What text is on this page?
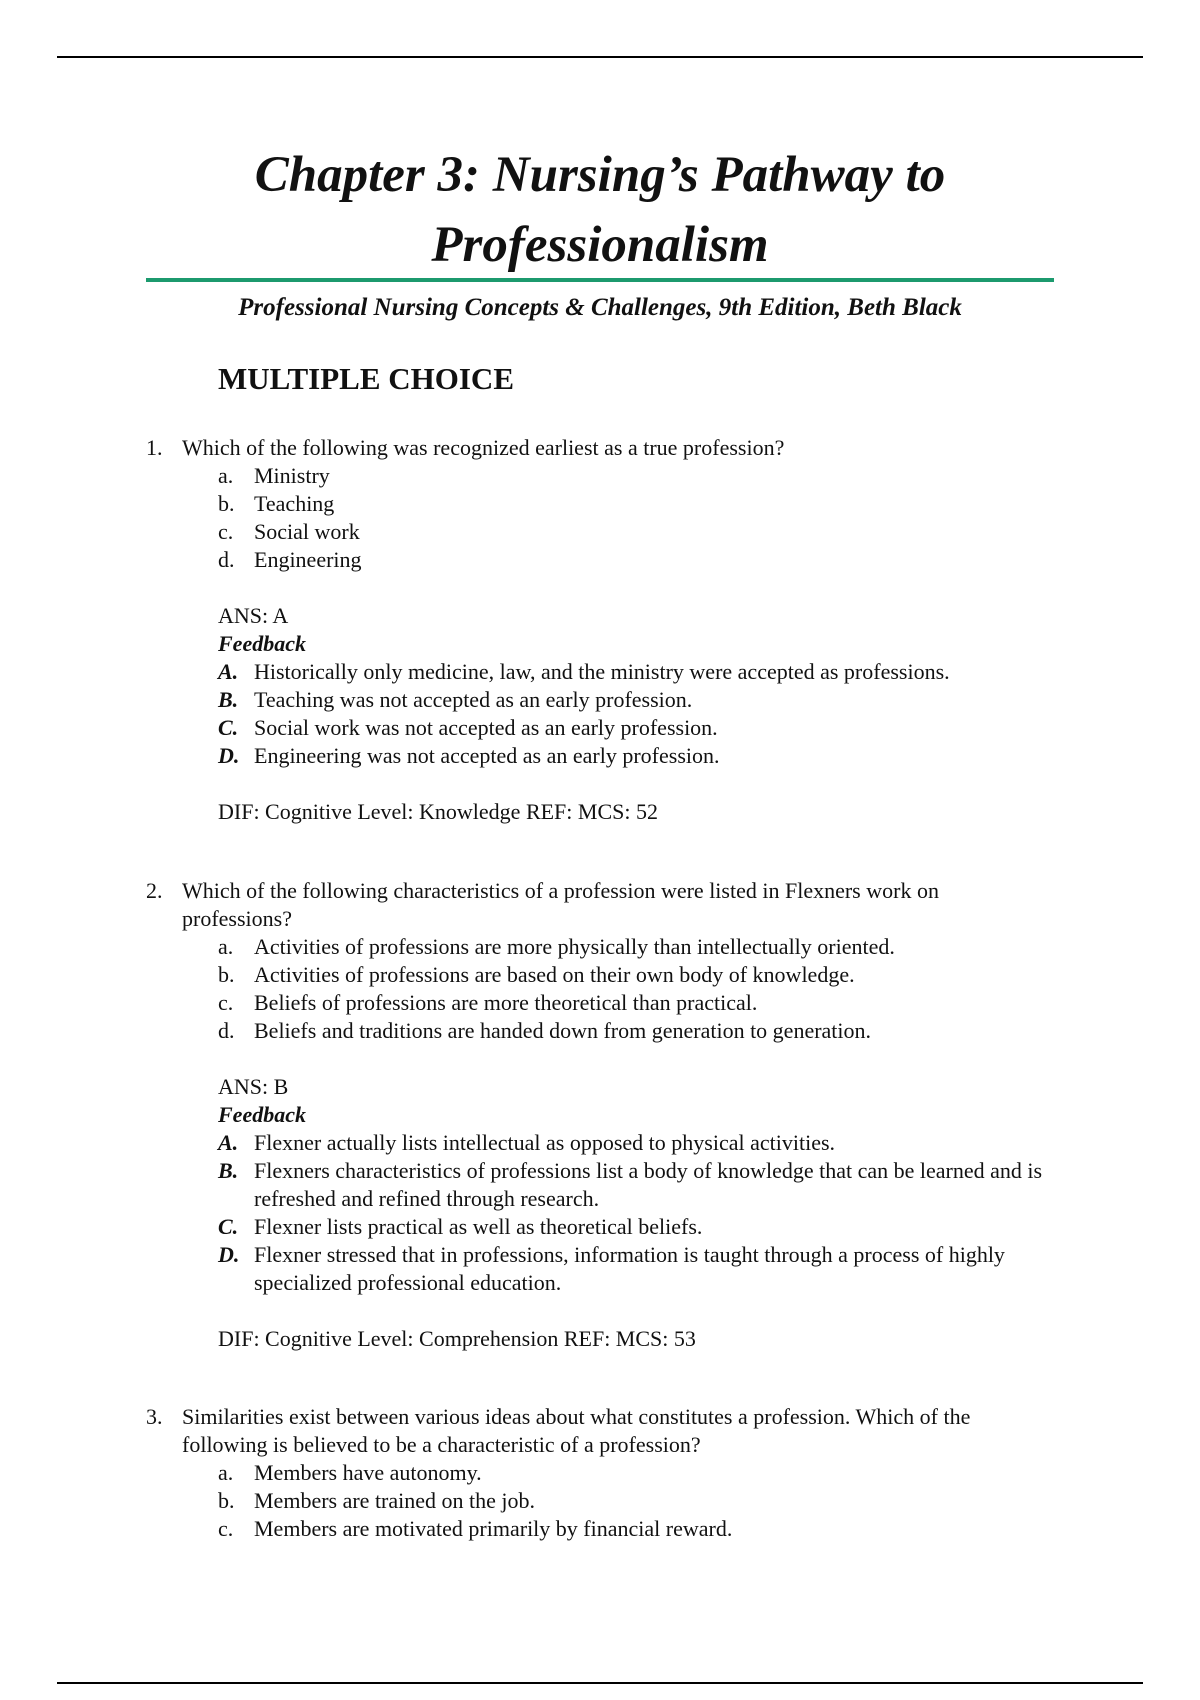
Chapter 3: Nursing’s Pathway to
Professionalism
Professional Nursing Concepts & Challenges, 9th Edition, Beth Black
MULTIPLE CHOICE
1. Which of the following was recognized earliest as a true profession?
a. Ministry
b. Teaching
c. Social work
d. Engineering
ANS: A
Feedback
A. Historically only medicine, law, and the ministry were accepted as professions.
B. Teaching was not accepted as an early profession.
C. Social work was not accepted as an early profession.
D. Engineering was not accepted as an early profession.
DIF: Cognitive Level: Knowledge REF: MCS: 52
2. Which of the following characteristics of a profession were listed in Flexners work on professions?
a. Activities of professions are more physically than intellectually oriented.
b. Activities of professions are based on their own body of knowledge.
c. Beliefs of professions are more theoretical than practical.
d. Beliefs and traditions are handed down from generation to generation.
ANS: B
Feedback
A. Flexner actually lists intellectual as opposed to physical activities.
B. Flexners characteristics of professions list a body of knowledge that can be learned and is refreshed and refined through research.
C. Flexner lists practical as well as theoretical beliefs.
D. Flexner stressed that in professions, information is taught through a process of highly specialized professional education.
DIF: Cognitive Level: Comprehension REF: MCS: 53
3. Similarities exist between various ideas about what constitutes a profession. Which of the following is believed to be a characteristic of a profession?
a. Members have autonomy.
b. Members are trained on the job.
c. Members are motivated primarily by financial reward.
